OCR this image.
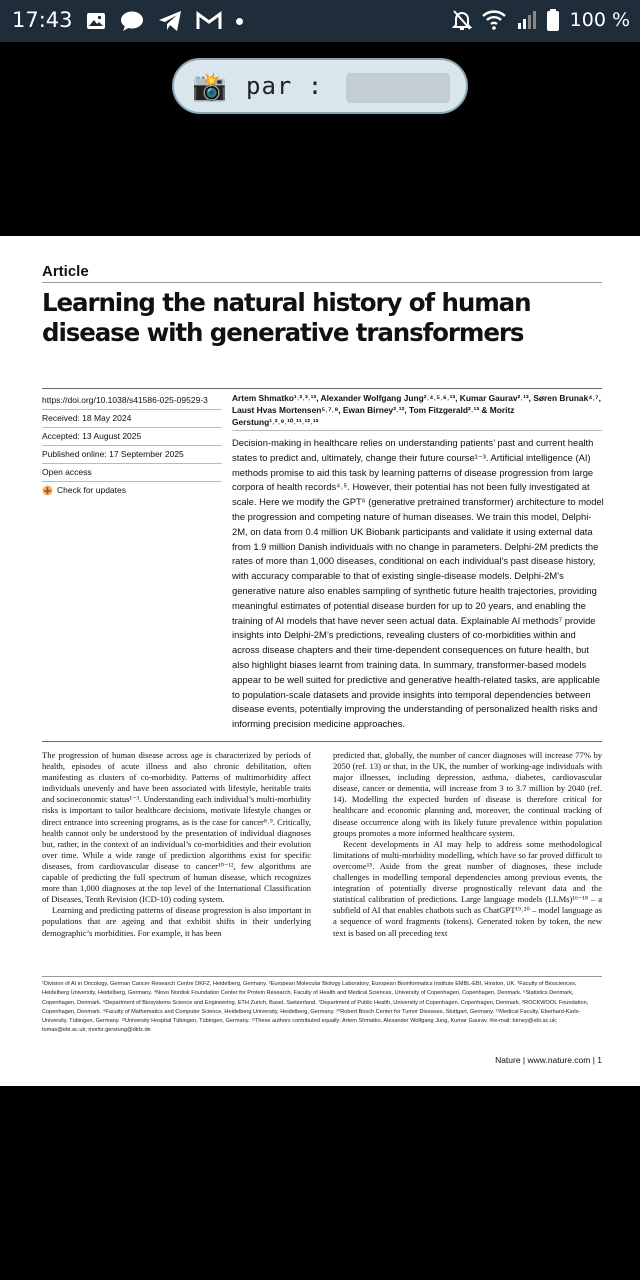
17:43	100 %
📸 par :
Article
Learning the natural history of human disease with generative transformers
https://doi.org/10.1038/s41586-025-09529-3
Received: 18 May 2024
Accepted: 13 August 2025
Published online: 17 September 2025
Open access
Check for updates
Artem Shmatko¹˒²˒³˒¹³, Alexander Wolfgang Jung²˒⁴˒⁵˒⁶˒¹³, Kumar Gaurav²˒¹³, Søren Brunak⁴˒⁷, Laust Hvas Mortensen⁵˒⁷˒⁸, Ewan Birney²˒¹², Tom Fitzgerald²˒¹³ & Moritz Gerstung¹˒²˒⁹˒¹⁰˒¹¹˒¹²˒¹³

Decision-making in healthcare relies on understanding patients’ past and current health states to predict and, ultimately, change their future course¹⁻³. Artificial intelligence (AI) methods promise to aid this task by learning patterns of disease progression from large corpora of health records⁴˒⁵. However, their potential has not been fully investigated at scale. Here we modify the GPT⁶ (generative pretrained transformer) architecture to model the progression and competing nature of human diseases. We train this model, Delphi-2M, on data from 0.4 million UK Biobank participants and validate it using external data from 1.9 million Danish individuals with no change in parameters. Delphi-2M predicts the rates of more than 1,000 diseases, conditional on each individual’s past disease history, with accuracy comparable to that of existing single-disease models. Delphi-2M’s generative nature also enables sampling of synthetic future health trajectories, providing meaningful estimates of potential disease burden for up to 20 years, and enabling the training of AI models that have never seen actual data. Explainable AI methods⁷ provide insights into Delphi-2M’s predictions, revealing clusters of co-morbidities within and across disease chapters and their time-dependent consequences on future health, but also highlight biases learnt from training data. In summary, transformer-based models appear to be well suited for predictive and generative health-related tasks, are applicable to population-scale datasets and provide insights into temporal dependencies between disease events, potentially improving the understanding of personalized health risks and informing precision medicine approaches.

The progression of human disease across age is characterized by periods of health, episodes of acute illness and also chronic debilitation, often manifesting as clusters of co-morbidity. Patterns of multimorbidity affect individuals unevenly and have been associated with lifestyle, heritable traits and socioeconomic status¹⁻³. Understanding each individual’s multi-morbidity risks is important to tailor healthcare decisions, motivate lifestyle changes or direct entrance into screening programs, as is the case for cancer⁸˒⁹. Critically, health cannot only be understood by the presentation of individual diagnoses but, rather, in the context of an individual’s co-morbidities and their evolution over time. While a wide range of prediction algorithms exist for specific diseases, from cardiovascular disease to cancer¹⁰⁻¹², few algorithms are capable of predicting the full spectrum of human disease, which recognizes more than 1,000 diagnoses at the top level of the International Classification of Diseases, Tenth Revision (ICD-10) coding system.

Learning and predicting patterns of disease progression is also important in populations that are ageing and that exhibit shifts in their underlying demographic’s morbidities. For example, it has been

predicted that, globally, the number of cancer diagnoses will increase 77% by 2050 (ref. 13) or that, in the UK, the number of working-age individuals with major illnesses, including depression, asthma, diabetes, cardiovascular disease, cancer or dementia, will increase from 3 to 3.7 million by 2040 (ref. 14). Modelling the expected burden of disease is therefore critical for healthcare and economic planning and, moreover, the continual tracking of disease occurrence along with its likely future prevalence within population groups promotes a more informed healthcare system.

Recent developments in AI may help to address some methodological limitations of multi-morbidity modelling, which have so far proved difficult to overcome¹⁵. Aside from the great number of diagnoses, these include challenges in modelling temporal dependencies among previous events, the integration of potentially diverse prognostically relevant data and the statistical calibration of predictions. Large language models (LLMs)¹⁶⁻¹⁸ – a subfield of AI that enables chatbots such as ChatGPT¹⁹˒²⁰ – model language as a sequence of word fragments (tokens). Generated token by token, the new text is based on all preceding text

¹Division of AI in Oncology, German Cancer Research Centre DKFZ, Heidelberg, Germany. ²European Molecular Biology Laboratory, European Bioinformatics Institute EMBL-EBI, Hinxton, UK. ³Faculty of Biosciences, Heidelberg University, Heidelberg, Germany. ⁴Novo Nordisk Foundation Center for Protein Research, Faculty of Health and Medical Sciences, University of Copenhagen, Copenhagen, Denmark. ⁵Statistics Denmark, Copenhagen, Denmark. ⁶Department of Biosystems Science and Engineering, ETH Zurich, Basel, Switzerland. ⁷Department of Public Health, University of Copenhagen, Copenhagen, Denmark. ⁸ROCKWOOL Foundation, Copenhagen, Denmark. ⁹Faculty of Mathematics and Computer Science, Heidelberg University, Heidelberg, Germany. ¹⁰Robert Bosch Center for Tumor Diseases, Stuttgart, Germany. ¹¹Medical Faculty, Eberhard-Karls-University, Tübingen, Germany. ¹²University Hospital Tübingen, Tübingen, Germany. ¹³These authors contributed equally: Artem Shmatko, Alexander Wolfgang Jung, Kumar Gaurav. ✉e-mail: birney@ebi.ac.uk; tomas@ebi.ac.uk; moritz.gerstung@dkfz.de
Nature | www.nature.com | 1
